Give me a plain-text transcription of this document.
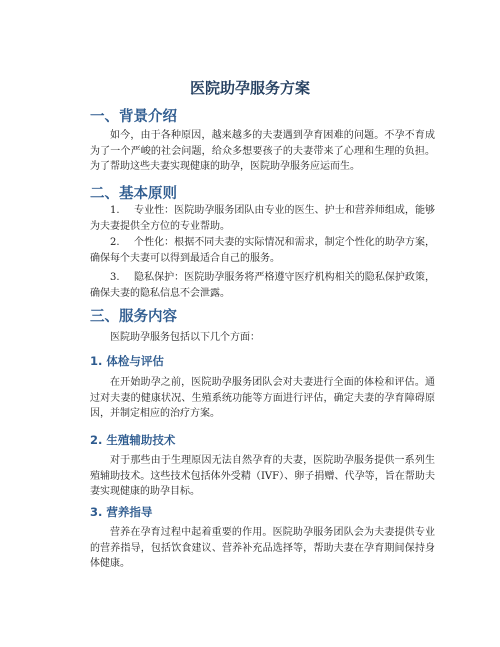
医院助孕服务方案
一、背景介绍

如今，由于各种原因，越来越多的夫妻遇到孕育困难的问题。不孕不育成为了一个严峻的社会问题，给众多想要孩子的夫妻带来了心理和生理的负担。为了帮助这些夫妻实现健康的助孕，医院助孕服务应运而生。

二、基本原则

1. 专业性：医院助孕服务团队由专业的医生、护士和营养师组成，能够为夫妻提供全方位的专业帮助。

2. 个性化：根据不同夫妻的实际情况和需求，制定个性化的助孕方案，确保每个夫妻可以得到最适合自己的服务。

3. 隐私保护：医院助孕服务将严格遵守医疗机构相关的隐私保护政策，确保夫妻的隐私信息不会泄露。

三、服务内容

医院助孕服务包括以下几个方面：

1. 体检与评估

在开始助孕之前，医院助孕服务团队会对夫妻进行全面的体检和评估。通过对夫妻的健康状况、生殖系统功能等方面进行评估，确定夫妻的孕育障碍原因，并制定相应的治疗方案。

2. 生殖辅助技术

对于那些由于生理原因无法自然孕育的夫妻，医院助孕服务提供一系列生殖辅助技术。这些技术包括体外受精（IVF）、卵子捐赠、代孕等，旨在帮助夫妻实现健康的助孕目标。

3. 营养指导

营养在孕育过程中起着重要的作用。医院助孕服务团队会为夫妻提供专业的营养指导，包括饮食建议、营养补充品选择等，帮助夫妻在孕育期间保持身体健康。
